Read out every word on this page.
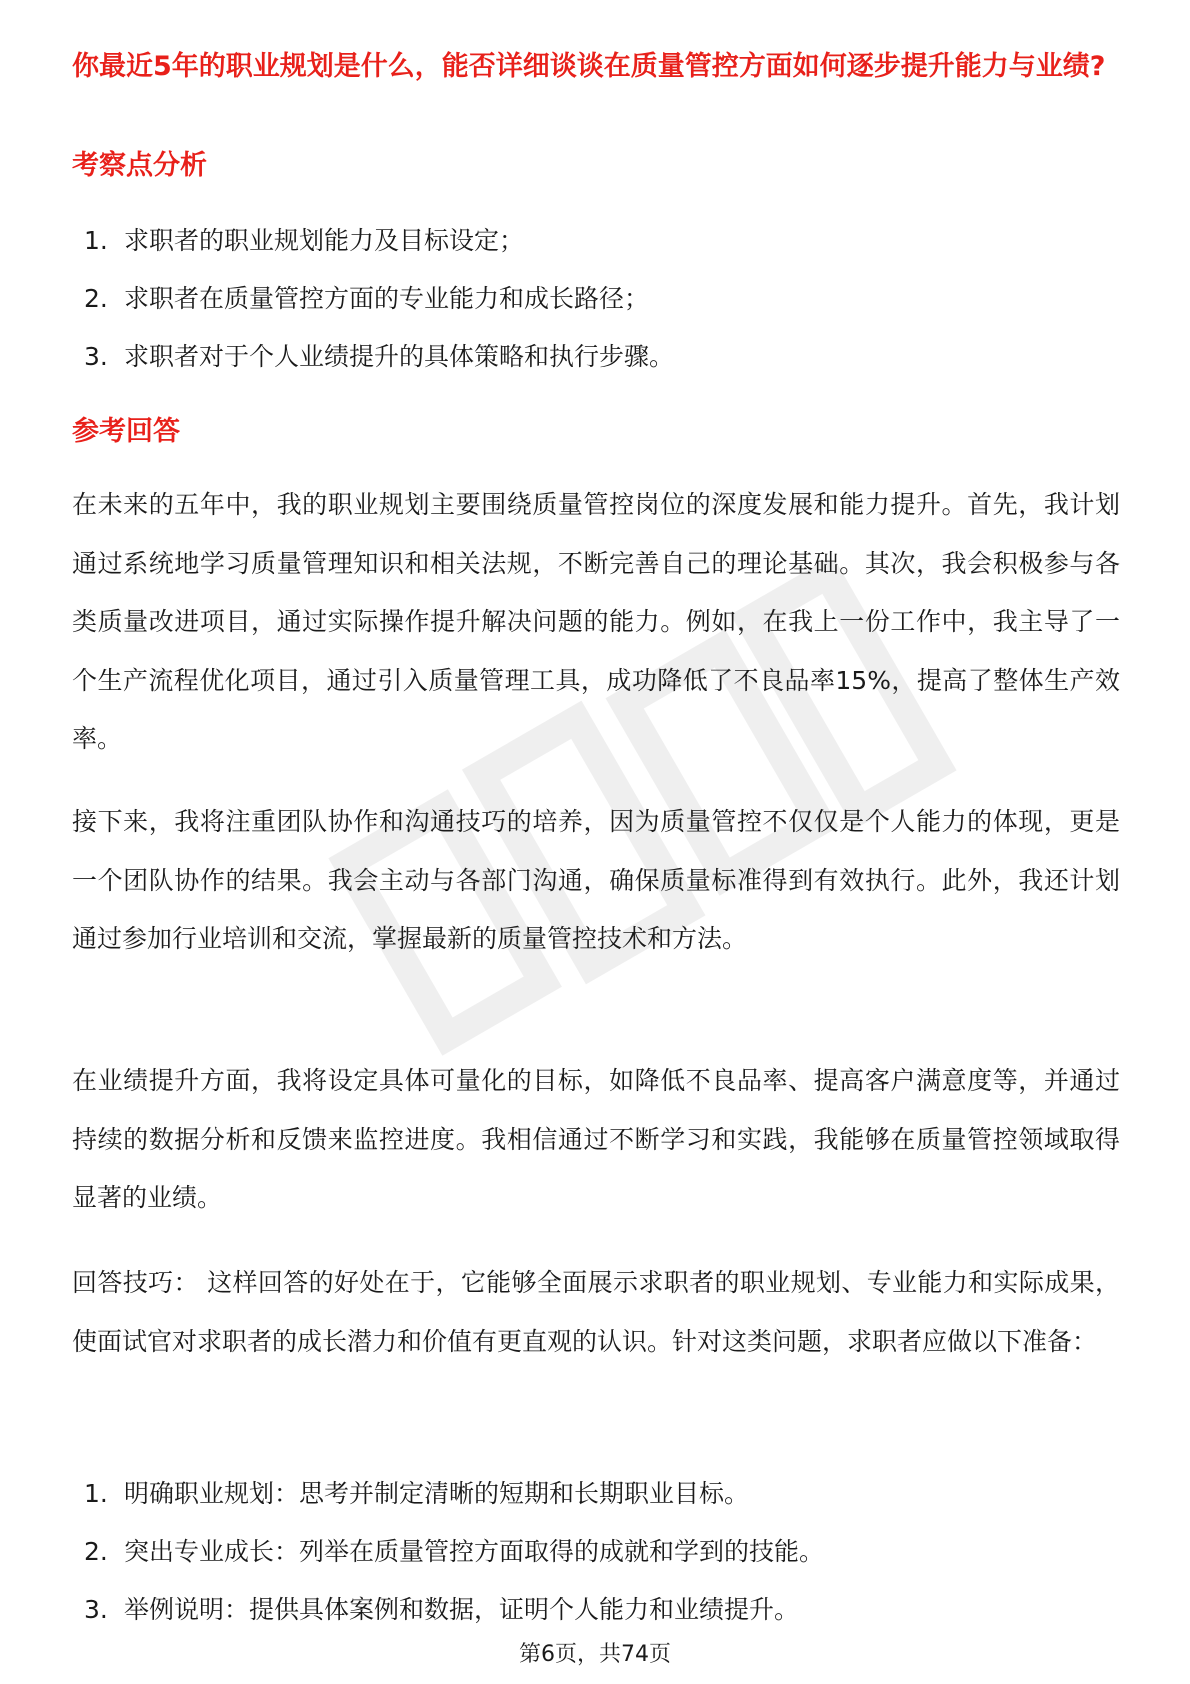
你最近5年的职业规划是什么，能否详细谈谈在质量管控方面如何逐步提升能力与业绩?
考察点分析
1. 求职者的职业规划能力及目标设定；
2. 求职者在质量管控方面的专业能力和成长路径；
3. 求职者对于个人业绩提升的具体策略和执行步骤。
参考回答

在未来的五年中，我的职业规划主要围绕质量管控岗位的深度发展和能力提升。首先，我计划通过系统地学习质量管理知识和相关法规，不断完善自己的理论基础。其次，我会积极参与各类质量改进项目，通过实际操作提升解决问题的能力。例如，在我上一份工作中，我主导了一个生产流程优化项目，通过引入质量管理工具，成功降低了不良品率15%，提高了整体生产效率。

接下来，我将注重团队协作和沟通技巧的培养，因为质量管控不仅仅是个人能力的体现，更是一个团队协作的结果。我会主动与各部门沟通，确保质量标准得到有效执行。此外，我还计划通过参加行业培训和交流，掌握最新的质量管控技术和方法。

在业绩提升方面，我将设定具体可量化的目标，如降低不良品率、提高客户满意度等，并通过持续的数据分析和反馈来监控进度。我相信通过不断学习和实践，我能够在质量管控领域取得显著的业绩。

回答技巧： 这样回答的好处在于，它能够全面展示求职者的职业规划、专业能力和实际成果，使面试官对求职者的成长潜力和价值有更直观的认识。针对这类问题，求职者应做以下准备：

1. 明确职业规划：思考并制定清晰的短期和长期职业目标。
2. 突出专业成长：列举在质量管控方面取得的成就和学到的技能。
3. 举例说明：提供具体案例和数据，证明个人能力和业绩提升。
第6页，共74页
